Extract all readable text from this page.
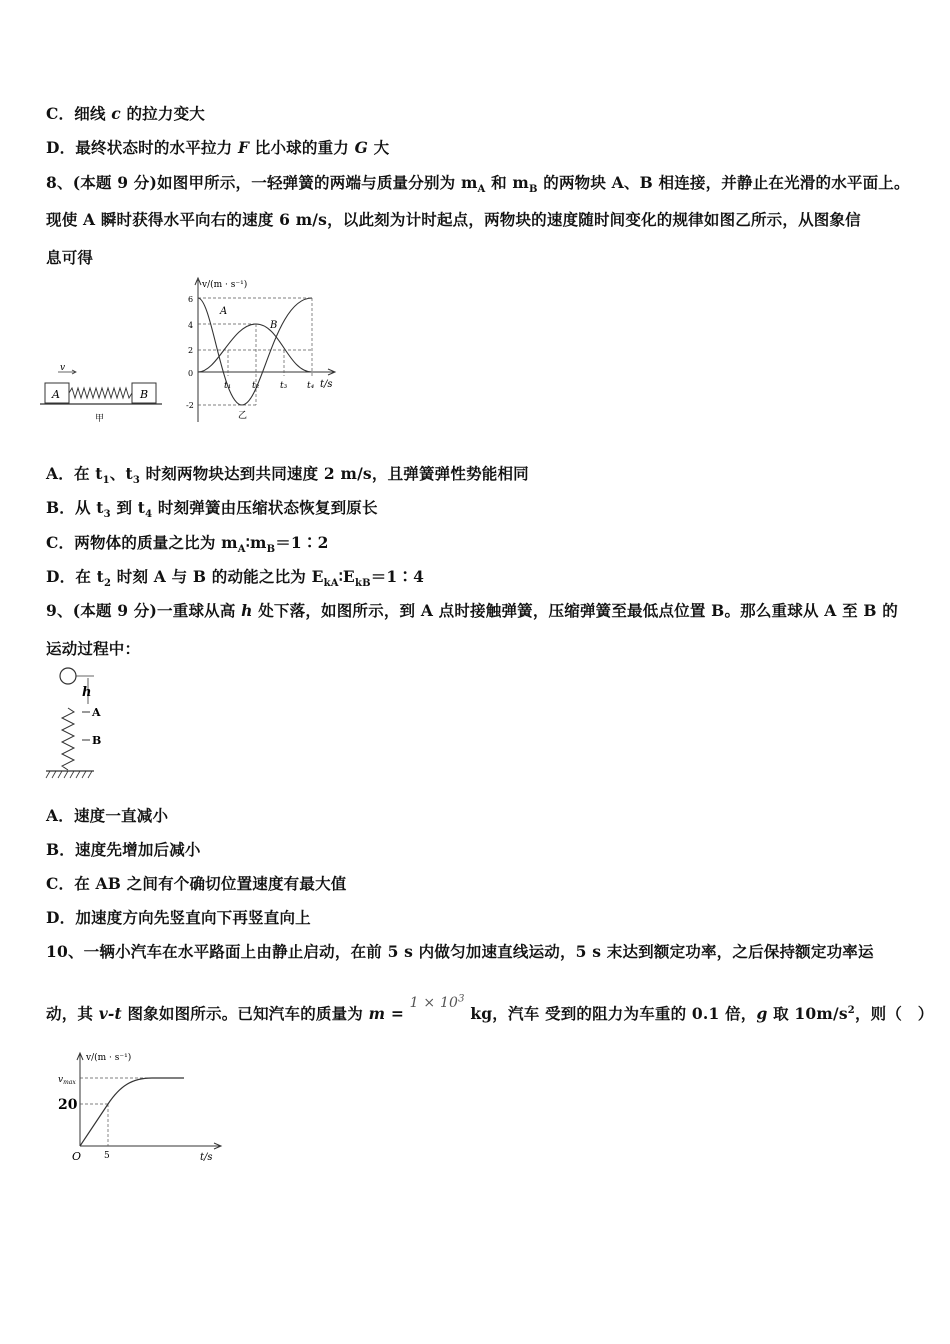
C．细线 c 的拉力变大
D．最终状态时的水平拉力 F 比小球的重力 G 大
8、(本题 9 分)如图甲所示，一轻弹簧的两端与质量分别为 $m_A$ 和 $m_B$ 的两物块 A、B 相连接，并静止在光滑的水平面上。
现使 A 瞬时获得水平向右的速度 6 m/s，以此刻为计时起点，两物块的速度随时间变化的规律如图乙所示，从图象信
息可得
v
A	B
甲
v/(m · s⁻¹)
t/s
6
4
2
0
-2
A
B
t₁ t₂ t₃ t₄
乙
A．在 $t_1$、$t_3$ 时刻两物块达到共同速度 2 m/s，且弹簧弹性势能相同
B．从 $t_3$ 到 $t_4$ 时刻弹簧由压缩状态恢复到原长
C．两物体的质量之比为 $m_A∶m_B=1∶2$
D．在 $t_2$ 时刻 A 与 B 的动能之比为 $E_{kA}∶E_{kB}=1∶4$
9、(本题 9 分)一重球从高 h 处下落，如图所示，到 A 点时接触弹簧，压缩弹簧至最低点位置 B。那么重球从 A 至 B 的
运动过程中：
h
A
B
A．速度一直减小
B．速度先增加后减小
C．在 AB 之间有个确切位置速度有最大值
D．加速度方向先竖直向下再竖直向上
10、一辆小汽车在水平路面上由静止启动，在前 5 s 内做匀加速直线运动，5 s 末达到额定功率，之后保持额定功率运
动，其 v-t 图象如图所示。已知汽车的质量为 $m = 1 \times 10^3$ kg，汽车 受到的阻力为车重的 0.1 倍，g 取 $10m/s^2$，则（　）
v/(m · s⁻¹)
$v_{max}$
20
O	5	t/s
